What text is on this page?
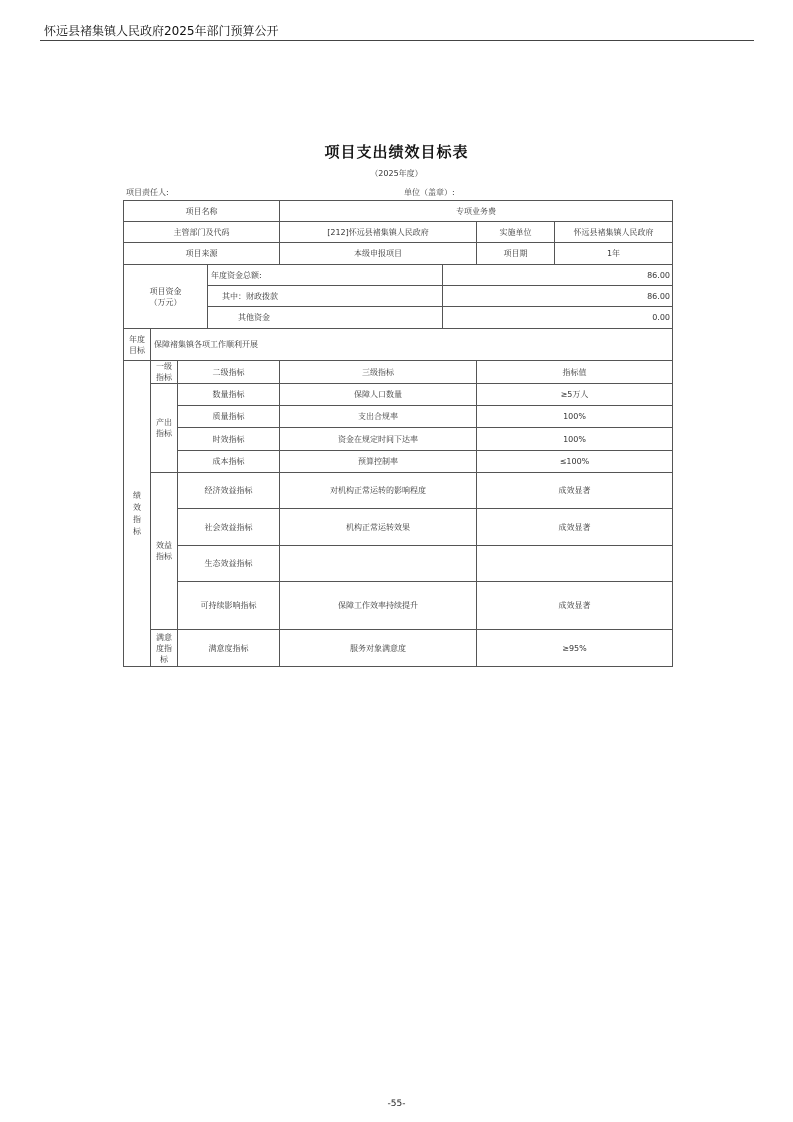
怀远县褚集镇人民政府2025年部门预算公开
项目支出绩效目标表
（2025年度）
项目责任人:	单位（盖章）:
项目名称				专项业务费			
主管部门及代码				[212]怀远县褚集镇人民政府		实施单位	怀远县褚集镇人民政府
项目来源				本级申报项目		项目期	1年
项目资金（万元）			年度资金总额:		86.00		
			其中：财政拨款		86.00		
			其他资金		0.00		
年度目标	保障褚集镇各项工作顺利开展						
绩效指标	一级指标	二级指标		三级指标		指标值	
	产出指标	数量指标		保障人口数量		≥5万人	
		质量指标		支出合规率		100%	
		时效指标		资金在规定时间下达率		100%	
		成本指标		预算控制率		≤100%	
	效益指标	经济效益指标		对机构正常运转的影响程度		成效显著	
		社会效益指标		机构正常运转效果		成效显著	
		生态效益指标					
		可持续影响指标		保障工作效率持续提升		成效显著	
	满意度指标	满意度指标		服务对象满意度		≥95%	
-55-
